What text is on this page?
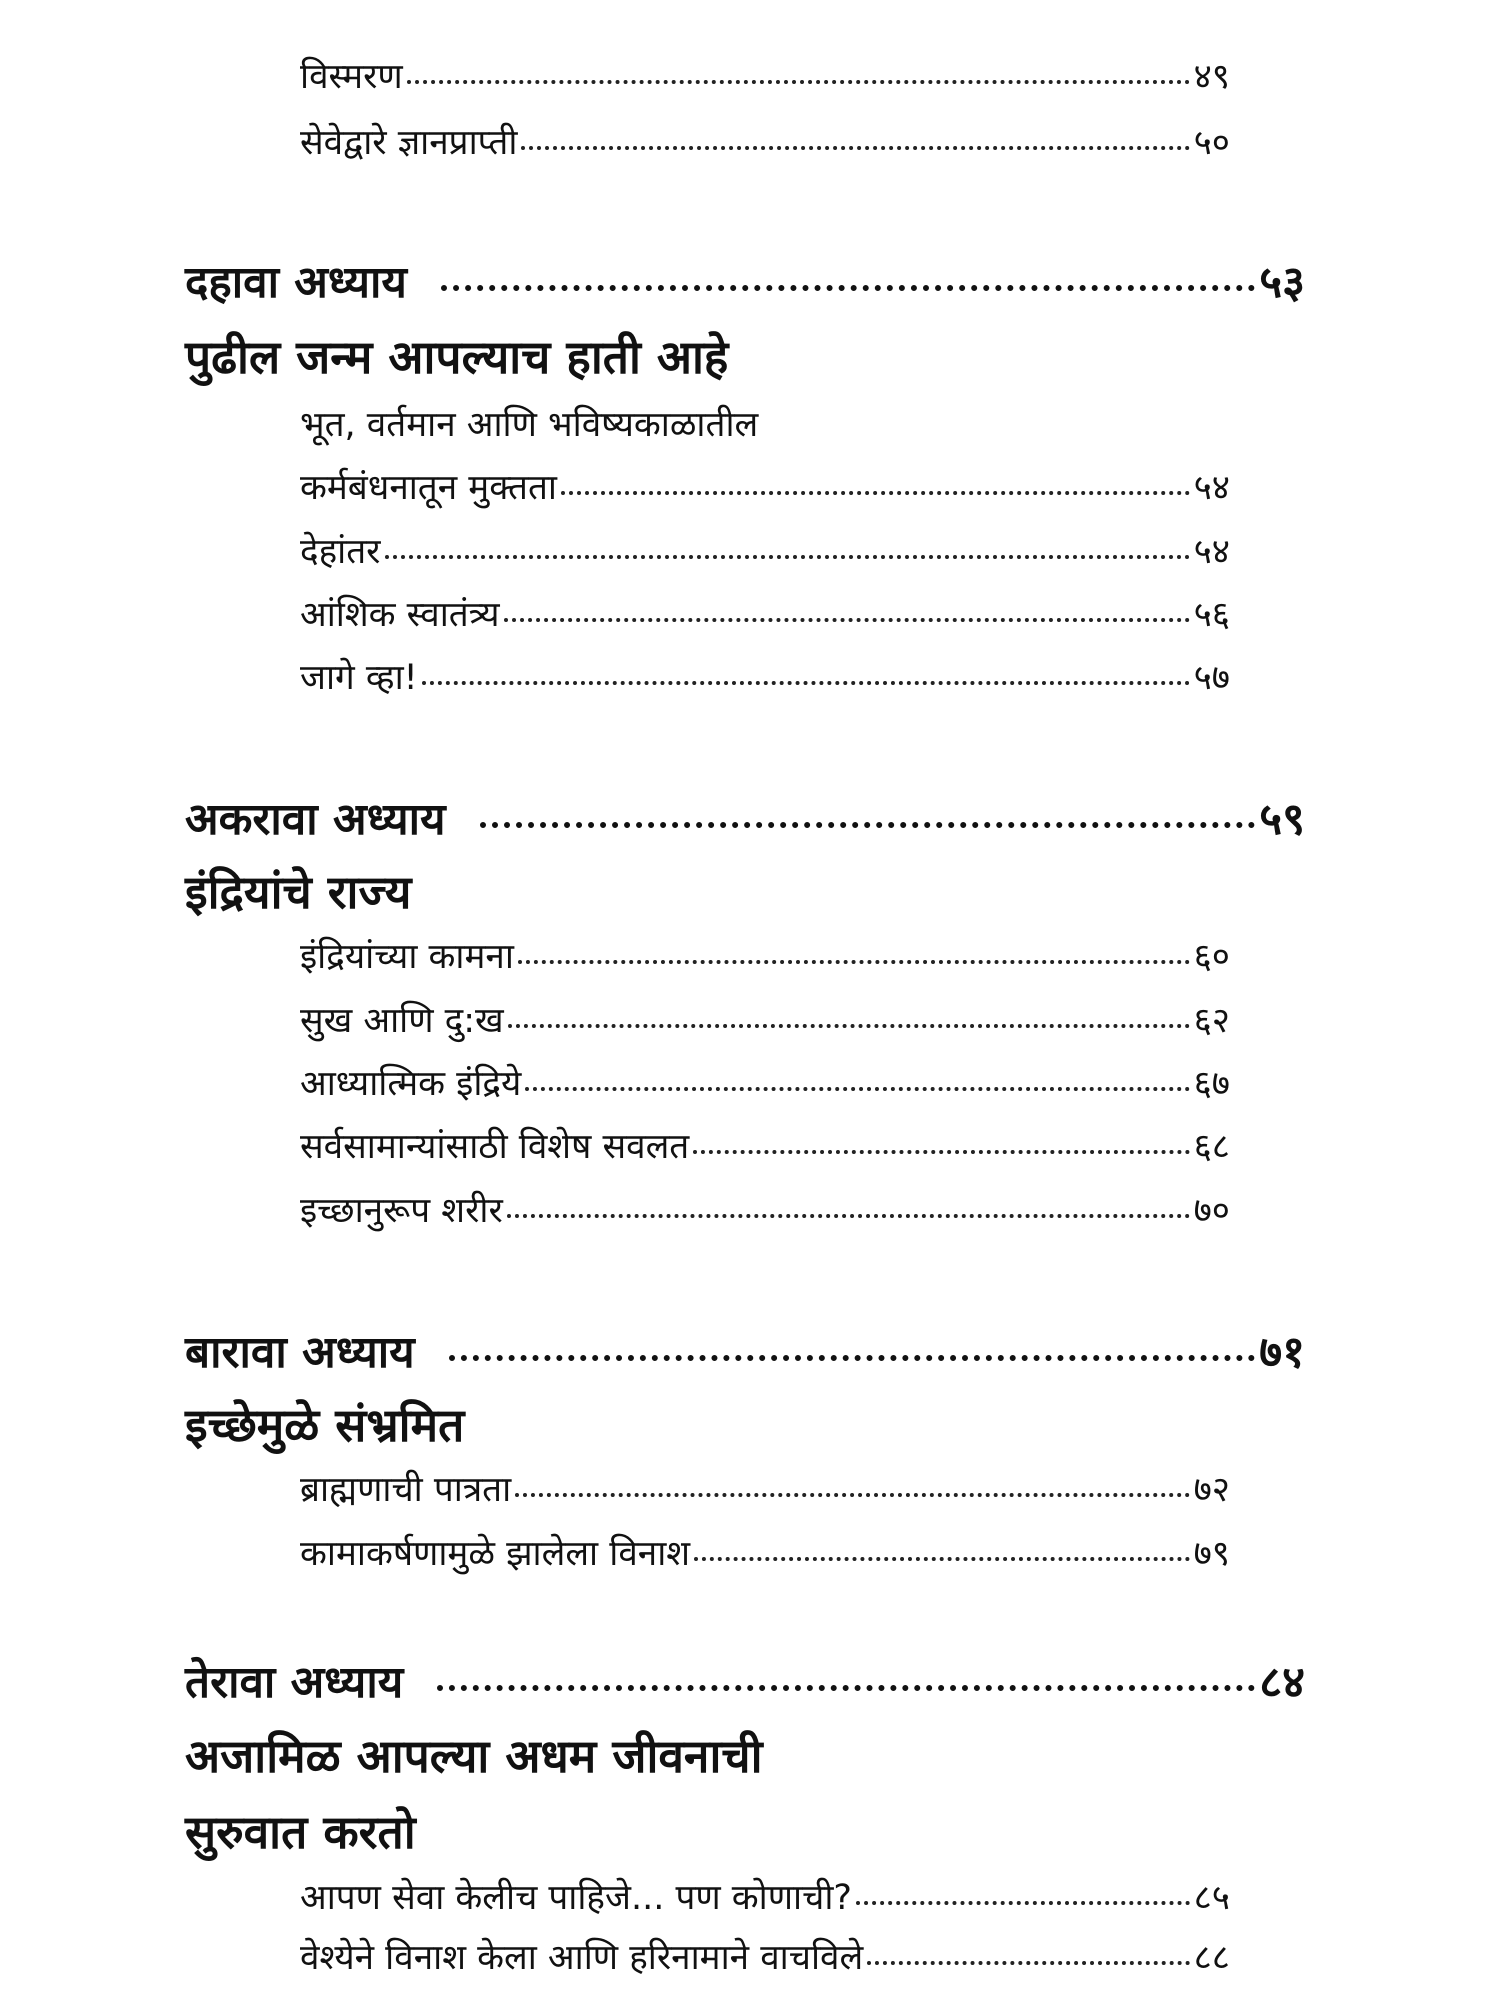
विस्मरण	४९
सेवेद्वारे ज्ञानप्राप्ती	५०
दहावा अध्याय	५३
पुढील जन्म आपल्याच हाती आहे
भूत, वर्तमान आणि भविष्यकाळातील
कर्मबंधनातून मुक्तता	५४
देहांतर	५४
आंशिक स्वातंत्र्य	५६
जागे व्हा!	५७
अकरावा अध्याय	५९
इंद्रियांचे राज्य
इंद्रियांच्या कामना	६०
सुख आणि दु:ख	६२
आध्यात्मिक इंद्रिये	६७
सर्वसामान्यांसाठी विशेष सवलत	६८
इच्छानुरूप शरीर	७०
बारावा अध्याय	७१
इच्छेमुळे संभ्रमित
ब्राह्मणाची पात्रता	७२
कामाकर्षणामुळे झालेला विनाश	७९
तेरावा अध्याय	८४
अजामिळ आपल्या अधम जीवनाची
सुरुवात करतो
आपण सेवा केलीच पाहिजे... पण कोणाची?	८५
वेश्येने विनाश केला आणि हरिनामाने वाचविले	८८
